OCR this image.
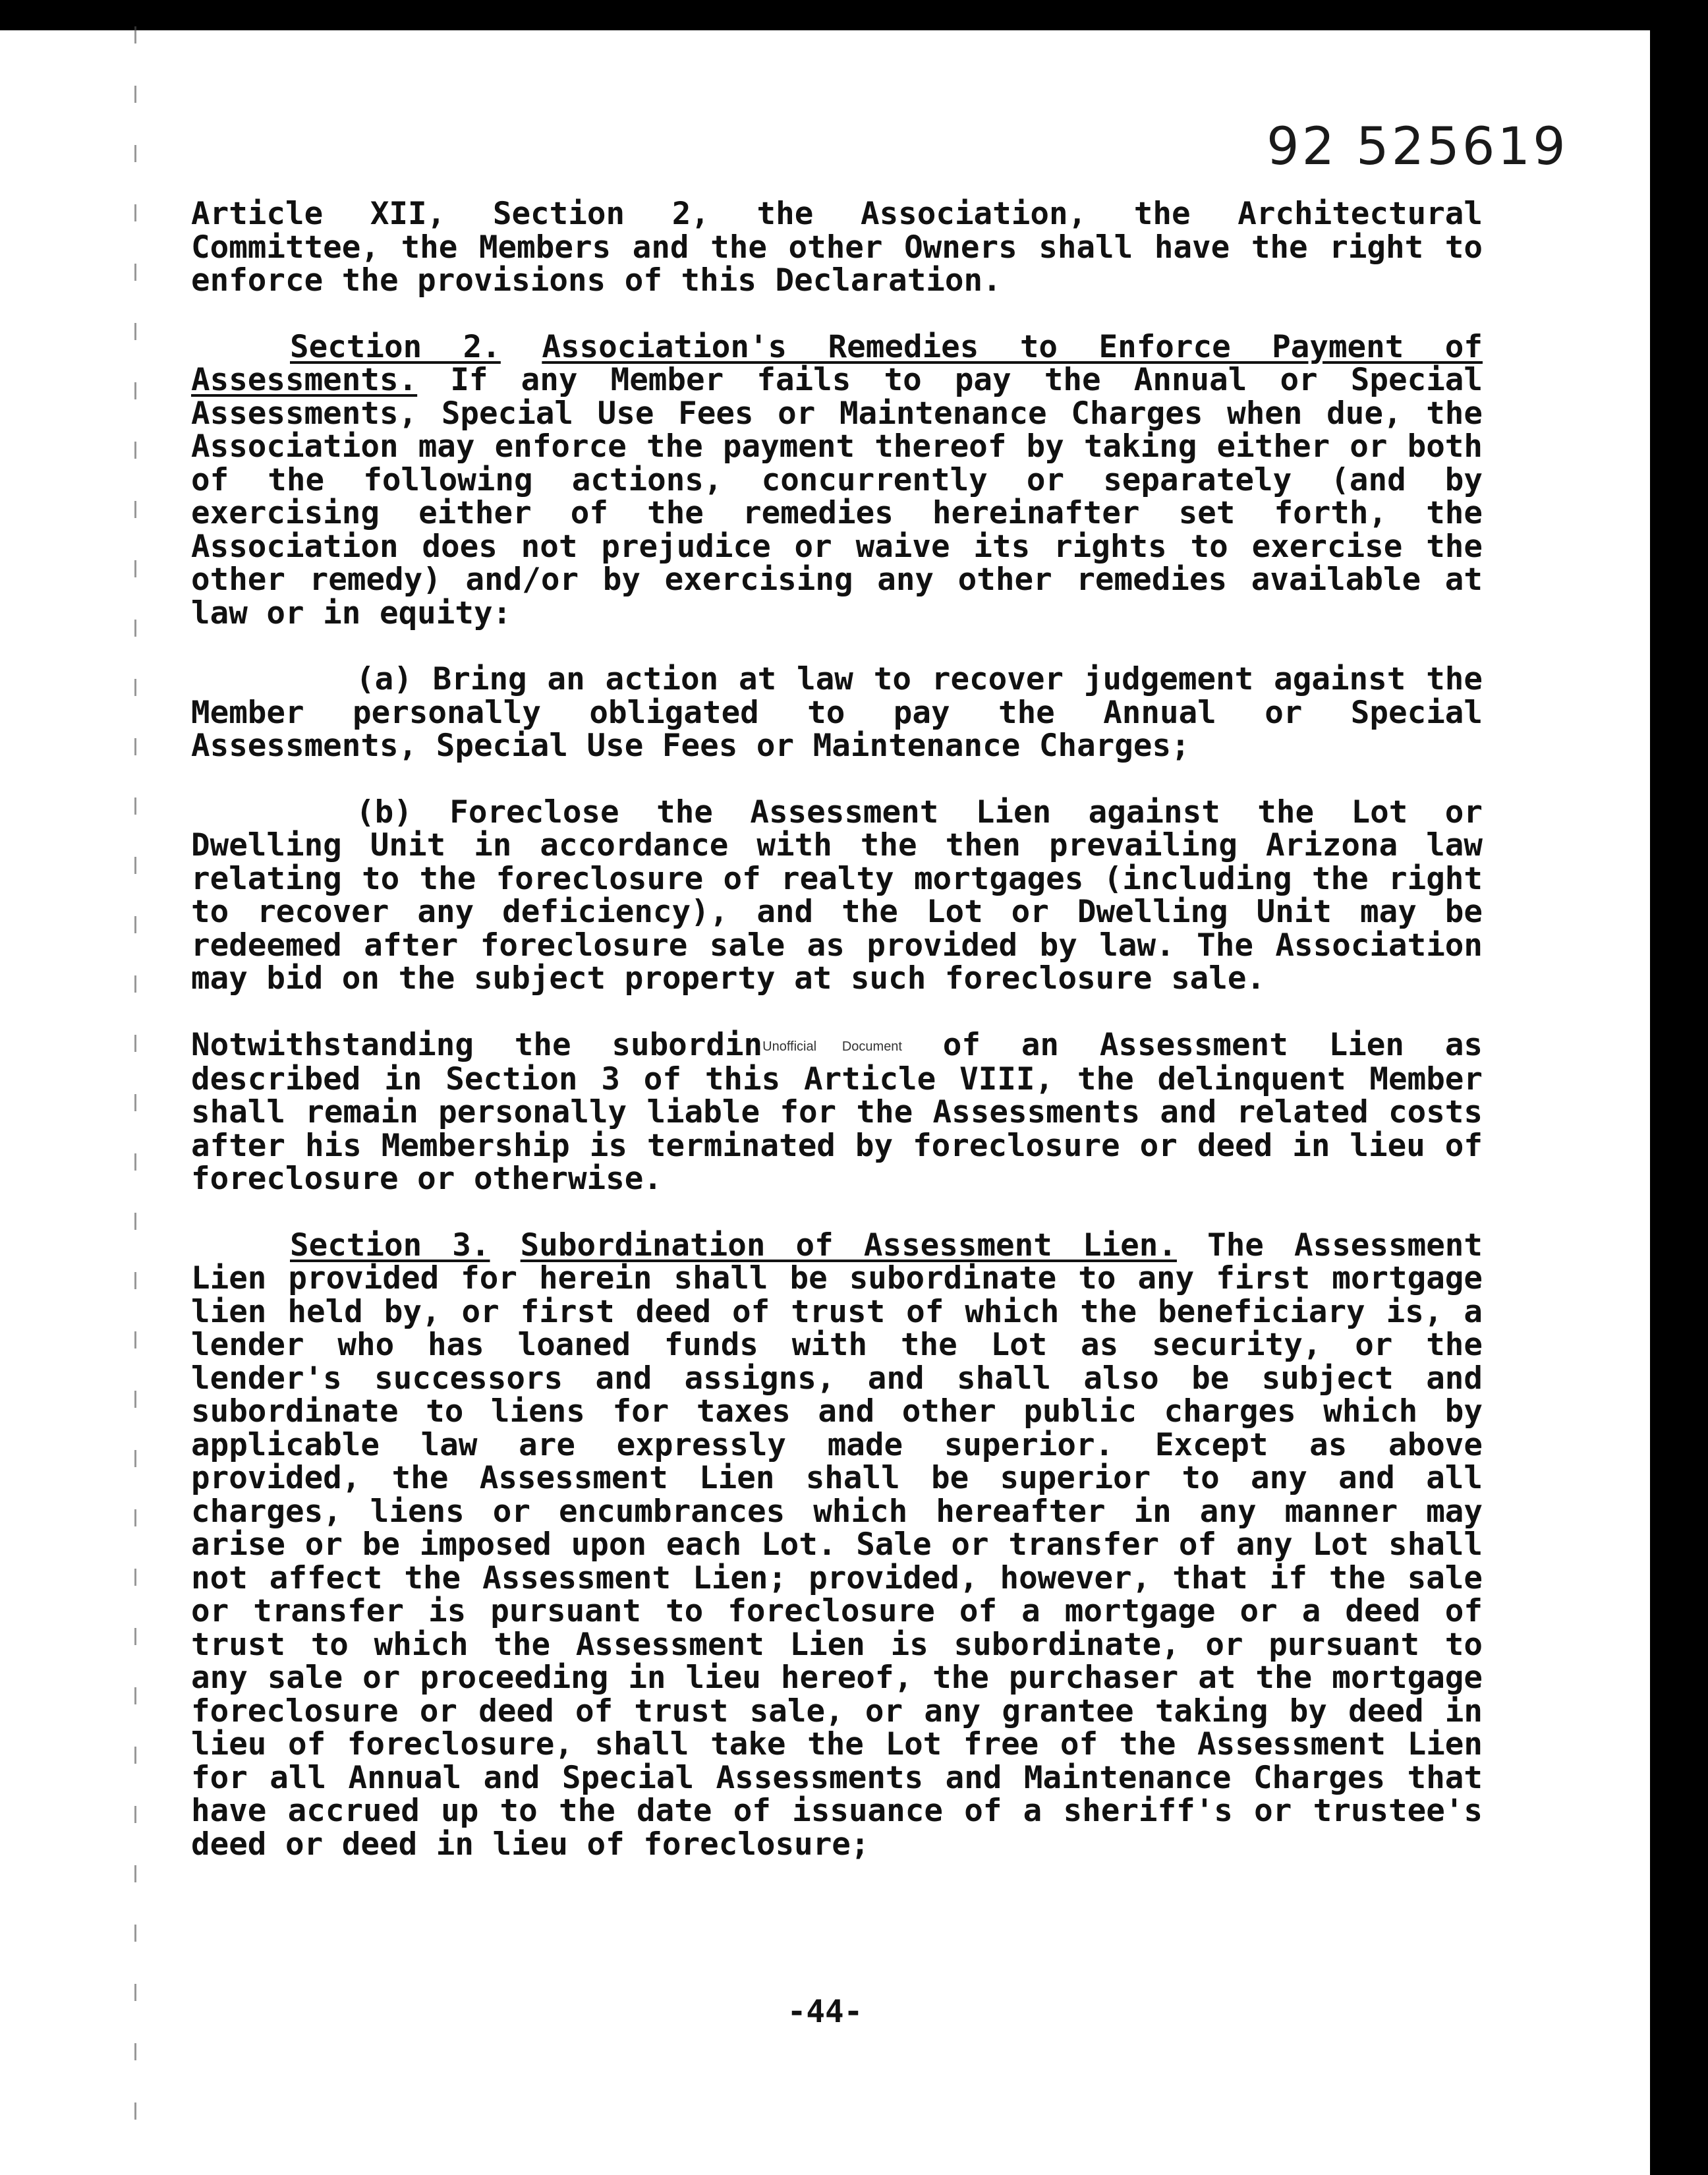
92 525619

Article XII, Section 2, the Association, the Architectural Committee, the Members and the other Owners shall have the right to enforce the provisions of this Declaration.

Section 2. Association's Remedies to Enforce Payment of Assessments. If any Member fails to pay the Annual or Special Assessments, Special Use Fees or Maintenance Charges when due, the Association may enforce the payment thereof by taking either or both of the following actions, concurrently or separately (and by exercising either of the remedies hereinafter set forth, the Association does not prejudice or waive its rights to exercise the other remedy) and/or by exercising any other remedies available at law or in equity:

(a) Bring an action at law to recover judgement against the Member personally obligated to pay the Annual or Special Assessments, Special Use Fees or Maintenance Charges;

(b) Foreclose the Assessment Lien against the Lot or Dwelling Unit in accordance with the then prevailing Arizona law relating to the foreclosure of realty mortgages (including the right to recover any deficiency), and the Lot or Dwelling Unit may be redeemed after foreclosure sale as provided by law. The Association may bid on the subject property at such foreclosure sale.

Notwithstanding the subordinUnofficial Document of an Assessment Lien as described in Section 3 of this Article VIII, the delinquent Member shall remain personally liable for the Assessments and related costs after his Membership is terminated by foreclosure or deed in lieu of foreclosure or otherwise.

Section 3. Subordination of Assessment Lien. The Assessment Lien provided for herein shall be subordinate to any first mortgage lien held by, or first deed of trust of which the beneficiary is, a lender who has loaned funds with the Lot as security, or the lender's successors and assigns, and shall also be subject and subordinate to liens for taxes and other public charges which by applicable law are expressly made superior. Except as above provided, the Assessment Lien shall be superior to any and all charges, liens or encumbrances which hereafter in any manner may arise or be imposed upon each Lot. Sale or transfer of any Lot shall not affect the Assessment Lien; provided, however, that if the sale or transfer is pursuant to foreclosure of a mortgage or a deed of trust to which the Assessment Lien is subordinate, or pursuant to any sale or proceeding in lieu hereof, the purchaser at the mortgage foreclosure or deed of trust sale, or any grantee taking by deed in lieu of foreclosure, shall take the Lot free of the Assessment Lien for all Annual and Special Assessments and Maintenance Charges that have accrued up to the date of issuance of a sheriff's or trustee's deed or deed in lieu of foreclosure;

-44-
